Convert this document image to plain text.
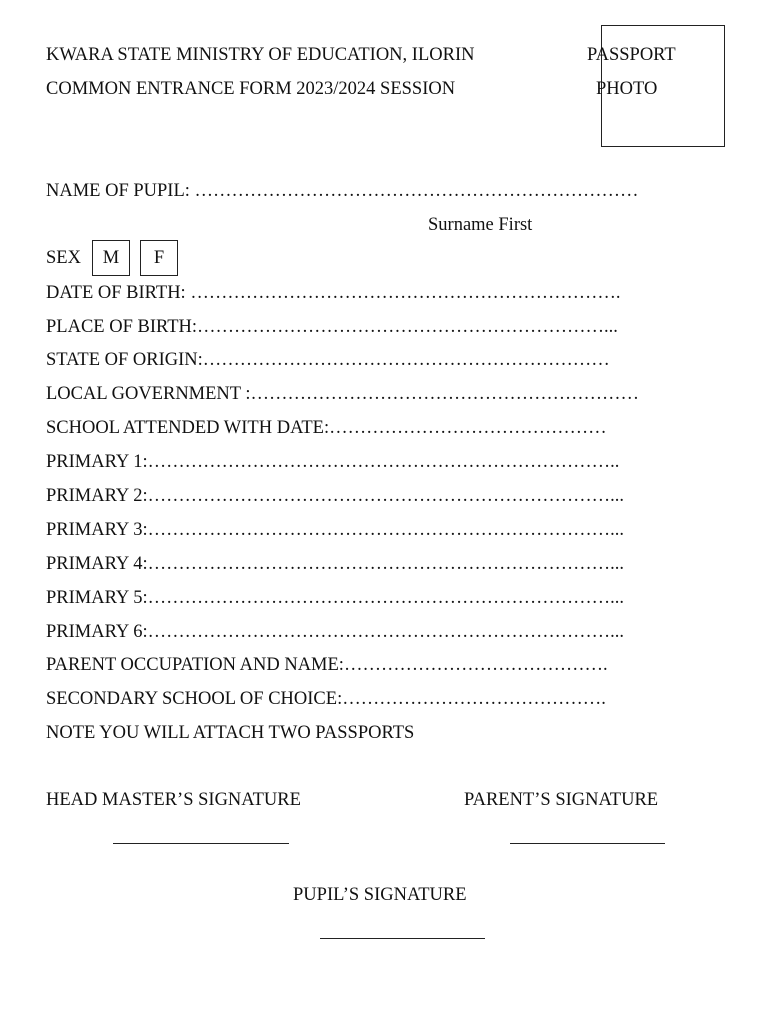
KWARA STATE MINISTRY OF EDUCATION, ILORIN	PASSPORT
COMMON ENTRANCE FORM 2023/2024 SESSION	PHOTO
NAME OF PUPIL: ………………………………………………………………
Surname First
SEX M F
DATE OF BIRTH: …………………………………………………………….
PLACE OF BIRTH:…………………………………………………………...
STATE OF ORIGIN:…………………………………………………………
LOCAL GOVERNMENT :………………………………………………………
SCHOOL ATTENDED WITH DATE:………………………………………
PRIMARY 1:…………………………………………………………………..
PRIMARY 2:…………………………………………………………………...
PRIMARY 3:…………………………………………………………………...
PRIMARY 4:…………………………………………………………………...
PRIMARY 5:…………………………………………………………………...
PRIMARY 6:…………………………………………………………………...
PARENT OCCUPATION AND NAME:…………………………………….
SECONDARY SCHOOL OF CHOICE:…………………………………….
NOTE YOU WILL ATTACH TWO PASSPORTS
HEAD MASTER’S SIGNATURE	PARENT’S SIGNATURE
PUPIL’S SIGNATURE
